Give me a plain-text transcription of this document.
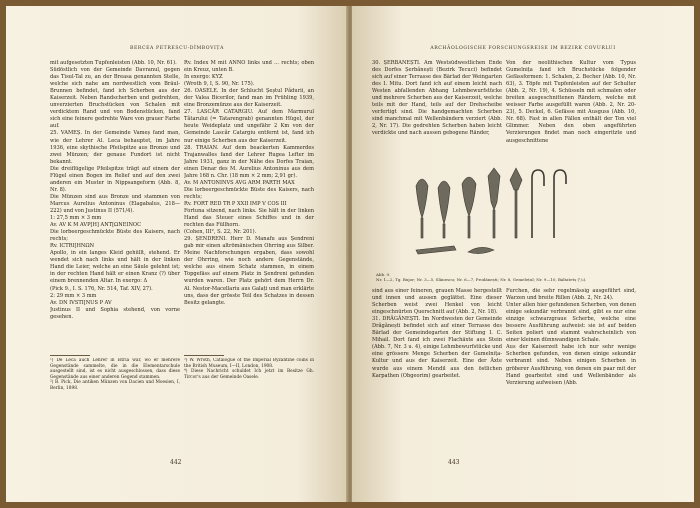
BERCEA PETRESCU-DÎMBOVIȚA
mit aufgesetzten Tupfenleisten (Abb. 10, Nr. 61).
Südöstlich von der Gemeinde Davranul, gegen das Tisul-Tal zu, an der Breasa genannten Stelle, welche sich nahe am nordwestlich vom Bräul-Brunnen befindet, fand ich Scherben aus der Kaiserzeit. Neben Randscherben und gedrehten, unverzierten Bruchstücken von Schalen mit verdicktem Rand und von Bodenstücken, fand sich eine feinere gedrehte Ware von grauer Farbe auf.
25. VAMEȘ. In der Gemeinde Vameș fand man, wie der Lehrer Al. Leca behauptet, im Jahre 1936, eine skythische Pfeilspitze aus Bronze und zwei Münzen; der genaue Fundort ist nicht bekannt.
Die dreiflügelige Pfeilspitze trägt auf einem der Flügel einen Bogen im Relief und auf den zwei anderen ein Muster in Nippsangeform (Abb. 8, Nr. 8).
Die Münzen sind aus Bronze und stammen von Marcus Aurelius Antoninus (Elagabalus, 218—222) und von Justinus II (571/4).
1: 27,5 mm × 3 mm
Av. AV K M AVP[H] ANT[ΩNEINOC
Die lorbeergeschmückte Büste des Kaisers, nach rechts;
Rv. ICTRI[HNΩN
Apollo, in ein langes Kleid gehüllt, stehend. Er wendet sich nach links und hält in der linken Hand die Leier, welche an eine Säule gelehnt ist; in der rechten Hand hält er einen Kranz (?) über einem brennenden Altar. In exergo: Δ
(Pick 9., I. S. 176, Nr. 514, Taf. XIV, 27).
2: 29 mm × 3 mm
Av. DN IVSTI[NUS P AV
Justinus II und Sophia stehend, von vorne gesehen.
Rv. Index M mit ANNO links und ... rechts; oben ein Kreuz, unten B.
In exergo: KYZ
(Wroth 9, I, S. 90, Nr. 175).
26. OASELE. In der Schlucht Șeștul Pădurii, an der Valea Bicerilor, fand man im Frühling 1939, eine Bronzemünze aus der Kaiserzeit.
27. LASCĂR CATARGIU. Auf dem Marmurul Tătarului (= Tatarengrab) genannten Hügel, der heute Weideplatz und ungefähr 2 Km von der Gemeinde Lascăr Catargiu entfernt ist, fand ich nur einige Scherben aus der Kaiserzeit.
28. TRAIAN. Auf dem beackerten Kammerdes Trajanwalles fand der Lehrer Rugea Lefter im Jahre 1931, ganz in der Nähe des Dorfes Traian, einen Denar des M. Aurelius Antoninus aus dem Jahre 168 n. Chr. (18 mm × 2 mm; 2,91 gr).
Av. M ANTONINVS AVG ARM PARTH MAX
Die lorbeergeschmückte Büste des Kaisers, nach rechts;
Rv. FORT RED TR P XXII IMP V COS III
Fortuna sitzend, nach links. Sie hält in der linken Hand das Steuer eines Schiffes und in der rechten das Füllhorn.
(Cohen, III², S. 22, Nr. 201).
29. ȘENDRENI. Herr D. Manafu aus Șendreni gab mir einen altrömänischen Ohrring aus Silber. Meine Nachforschungen ergaben, dass sowohl der Ohrring, wie noch andere Gegenstände, welche aus einem Schatz stammen, in einem Topgefäss auf einem Platz in Șendreni gefunden wurden waren. Der Platz gehört dem Herrn Dr. Al. Nestor-Macellariu aus Galați und man erklärte uns, dass der grösste Teil des Schatzes in dessen Besitz gelangte.
¹) De Leca auch Lehrer in Istria war, wo er mehrere Gegenstände sammelte, die in die Elementarschule ausgestellt sind, ist es nicht ausgeschlossen, dass diese Gegenstände aus einer anderen Gegend stammen.
²) B. Pick, Die antiken Münzen von Dacien und Moesien, I, Berlin, 1898.
³) W. Wroth, Catalogue of the Imperial Byzantine coins in the British Museum, I—II, London, 1908.
⁴) Diese Nachricht schuldet Ich jetzt im Besitze Gh. Tircor's aus der Gemeinde Oasele.
442
ARCHÄOLOGISCHE FORSCHUNGSREISE IM BEZIRK COVURLUI
30. ȘERBĂNEȘTI. Am Westsüdwestlichen Ende des Dorfes Șerbănești (Bezirk Tecuci) befindet sich auf einer Terrasse des Bärlad der Weingarten des I. Mitu. Dort fand ich auf einem leicht nach Westen abfallenden Abhang Lehmbewurfstücke und mehrere Scherben aus der Kaiserzeit, welche teils mit der Hand, teils auf der Drehscheibe verfertigt sind. Die handgemachten Scherben sind manchmal mit Wellenbändern verziert (Abb. 2, Nr. 17). Die gedrehten Scherben haben leicht verdickte und nach aussen gebogene Ränder,
Von der neolithischen Kultur vom Typus Gumelnița fand ich Bruchstücke folgender Gefässformen: 1. Schalen, 2. Becher (Abb. 10, Nr. 63), 3. Töpfe mit Tupfenleisten auf der Schulter (Abb. 2, Nr. 19), 4. Schüsseln mit schmalen oder breiten ausgeschnittenen Rändern, welche mit weisser Farbe ausgefüllt waren (Abb. 2, Nr. 20-23), 5. Deckel, 6. Gefässe mit Ausguss (Abb. 10, Nr. 68). Fast in allen Fällen enthält der Ton viel Glimmer. Neben den oben angeführten Verzierungen findet man noch eingeritzte und ausgeschnittene
sind aus einer feineren, grauen Masse hergestellt und innen und aussen geglättet. Eine dieser Scherben weist zwei Henkel von leicht eingeschnürten Querschnitt auf (Abb. 2, Nr. 18).
31. DRĂGĂNEȘTI. Im Nordwesten der Gemeinde Drăgănești befindet sich auf einer Terrasse des Bärlad der Gemeindegarten der Stiftung I. C. Mihail. Dort fand ich zwei Flachäxte aus Stein (Abb. 7, Nr. 3 u. 4), einige Lehmbewurfstücke und eine grössere Menge Scherben der Gumelnița-Kultur und aus der Kaiserzeit. Eine der Äxte wurde aus einem Mendil aus den östlichen Karpathen (Obgeorim) gearbeitet.
Furchen, die sehr regelmässig ausgeführt sind, Warzen und breite Rillen (Abb. 2, Nr. 24).
Unter allen hier gefundenen Scherben, von denen einige sekundär verbrannt sind, gibt es nur eine einzige schwarzgraue Scherbe, welche eine bessere Ausführung aufweist: sie ist auf beiden Seiten poliert und stammt wahrscheinlich von einer kleinen dünnwandigen Schale.
Aus der Kaiserzeit habe ich nur sehr wenige Scherben gefunden, von denen einige sekundär verbrannt sind. Neben einigen Scherben in gröberer Ausführung, von denen ein paar mit der Hand gearbeitet sind und Wellenbänder als Verzierung aufweisen (Abb.
443
Abb. 9.
Nr. 1—2, Tg. Bujor; Nr. 3—5, Slănescu; Nr. 6—7, Prodănești; Nr. 8, Gemelețul; Nr. 9—10, Baltatetș (¹/₃).
